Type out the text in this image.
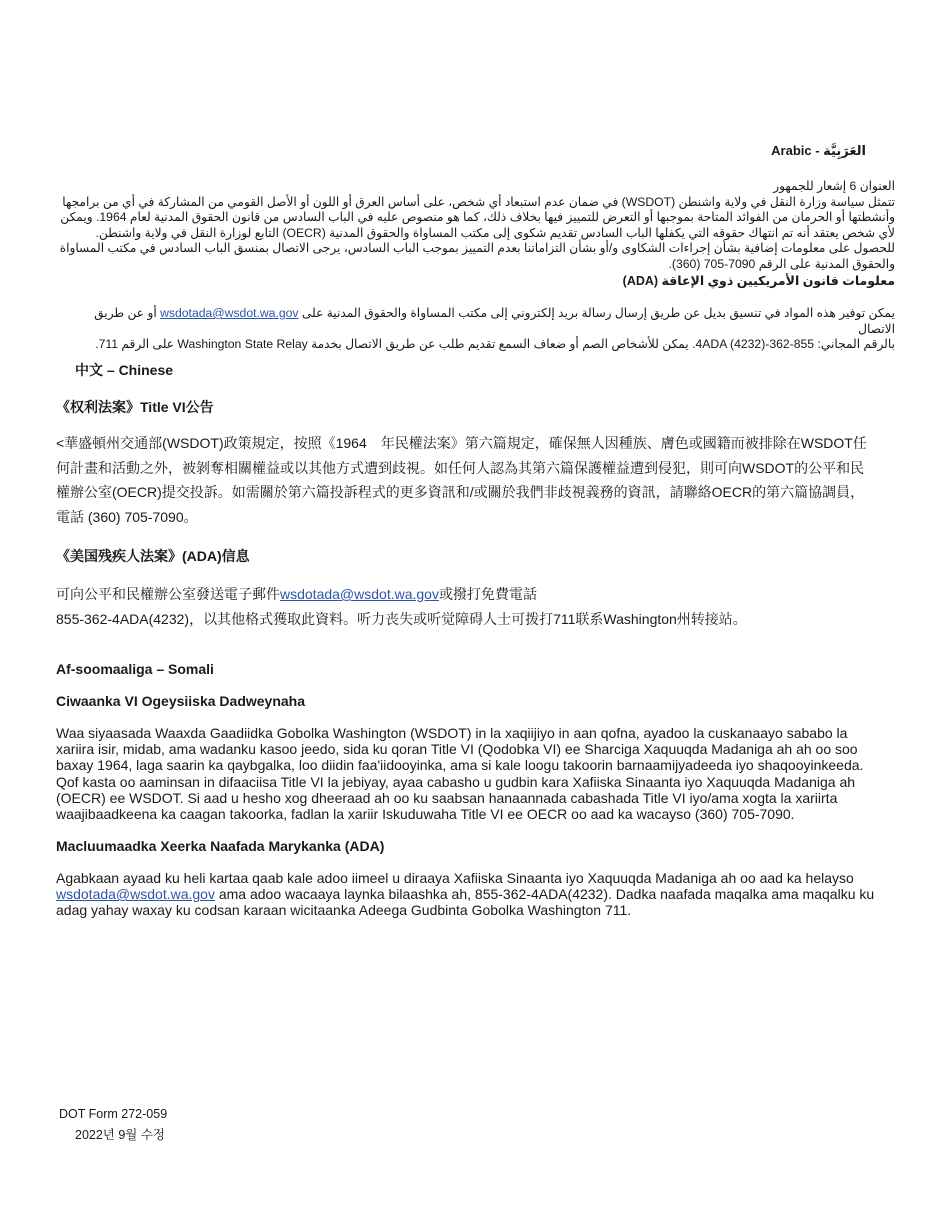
العَرَبِيَّة - Arabic

العنوان 6 إشعار للجمهور

تتمثل سياسة وزارة النقل في ولاية واشنطن (WSDOT) في ضمان عدم استبعاد أي شخص، على أساس العرق أو اللون أو الأصل القومي من المشاركة في أي من برامجها وأنشطتها أو الحرمان من الفوائد المتاحة بموجبها أو التعرض للتمييز فيها بخلاف ذلك، كما هو منصوص عليه في الباب السادس من قانون الحقوق المدنية لعام 1964. ويمكن لأي شخص يعتقد أنه تم انتهاك حقوقه التي يكفلها الباب السادس تقديم شكوى إلى مكتب المساواة والحقوق المدنية (OECR) التابع لوزارة النقل في ولاية واشنطن. للحصول على معلومات إضافية بشأن إجراءات الشكاوى و/أو بشأن التزاماتنا بعدم التمييز بموجب الباب السادس، يرجى الاتصال بمنسق الباب السادس في مكتب المساواة والحقوق المدنية على الرقم 7090-705 (360).

معلومات قانون الأمريكيين ذوي الإعاقة (ADA)

يمكن توفير هذه المواد في تنسيق بديل عن طريق إرسال رسالة بريد إلكتروني إلى مكتب المساواة والحقوق المدنية على wsdotada@wsdot.wa.gov أو عن طريق الاتصال

بالرقم المجاني: 855-362-4ADA (4232). يمكن للأشخاص الصم أو ضعاف السمع تقديم طلب عن طريق الاتصال بخدمة Washington State Relay على الرقم 711.

中文 – Chinese
《权利法案》Title VI公告
<華盛頓州交通部(WSDOT)政策規定，按照《1964　年民權法案》第六篇規定，確保無人因種族、膚色或國籍而被排除在WSDOT任何計畫和活動之外，被剝奪相關權益或以其他方式遭到歧視。如任何人認為其第六篇保護權益遭到侵犯，則可向WSDOT的公平和民權辦公室(OECR)提交投訴。如需關於第六篇投訴程式的更多資訊和/或關於我們非歧視義務的資訊，請聯絡OECR的第六篇協調員，電話 (360) 705-7090。
《美国残疾人法案》(ADA)信息

可向公平和民權辦公室發送電子郵件wsdotada@wsdot.wa.gov或撥打免費電話

855-362-4ADA(4232)，以其他格式獲取此資料。听力丧失或听觉障碍人士可拨打711联系Washington州转接站。

Af-soomaaliga – Somali
Ciwaanka VI Ogeysiiska Dadweynaha
Waa siyaasada Waaxda Gaadiidka Gobolka Washington (WSDOT) in la xaqiijiyo in aan qofna, ayadoo la cuskanaayo sababo la xariira isir, midab, ama wadanku kasoo jeedo, sida ku qoran Title VI (Qodobka VI) ee Sharciga Xaquuqda Madaniga ah ah oo soo baxay 1964, laga saarin ka qaybgalka, loo diidin faa'iidooyinka, ama si kale loogu takoorin barnaamijyadeeda iyo shaqooyinkeeda. Qof kasta oo aaminsan in difaaciisa Title VI la jebiyay, ayaa cabasho u gudbin kara Xafiiska Sinaanta iyo Xaquuqda Madaniga ah (OECR) ee WSDOT. Si aad u hesho xog dheeraad ah oo ku saabsan hanaannada cabashada Title VI iyo/ama xogta la xariirta waajibaadkeena ka caagan takoorka, fadlan la xariir Iskuduwaha Title VI ee OECR oo aad ka wacayso (360) 705-7090.
Macluumaadka Xeerka Naafada Marykanka (ADA)

Agabkaan ayaad ku heli kartaa qaab kale adoo iimeel u diraaya Xafiiska Sinaanta iyo Xaquuqda Madaniga ah oo aad ka helayso

wsdotada@wsdot.wa.gov ama adoo wacaaya laynka bilaashka ah, 855-362-4ADA(4232). Dadka naafada maqalka ama maqalku ku adag yahay waxay ku codsan karaan wicitaanka Adeega Gudbinta Gobolka Washington 711.

DOT Form 272-059
2022년 9월 수정
